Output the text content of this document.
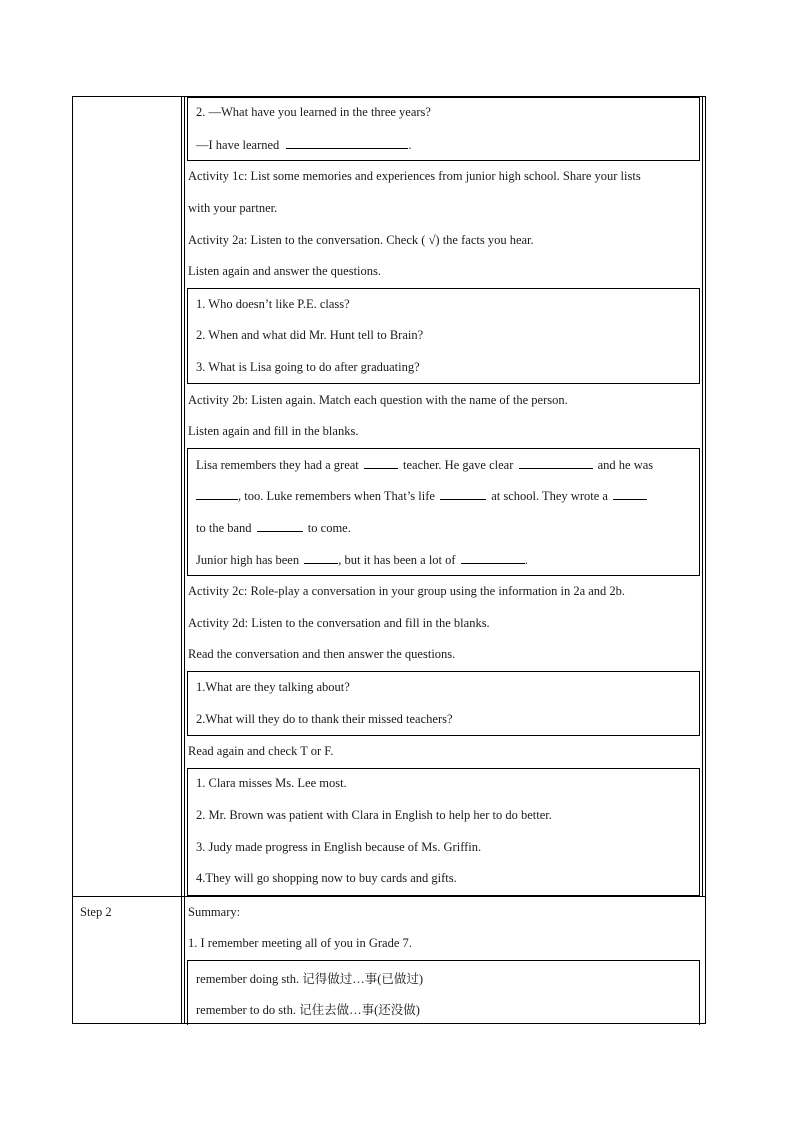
2. —What have you learned in the three years?
—I have learned	.
Activity 1c: List some memories and experiences from junior high school. Share your lists
with your partner.
Activity 2a: Listen to the conversation. Check ( √) the facts you hear.
Listen again and answer the questions.
1. Who doesn’t like P.E. class?
2. When and what did Mr. Hunt tell to Brain?
3. What is Lisa going to do after graduating?
Activity 2b: Listen again. Match each question with the name of the person.
Listen again and fill in the blanks.
Lisa remembers they had a great	teacher. He gave clear	and he was
, too. Luke remembers when That’s life	at school. They wrote a
to the band	to come.
Junior high has been	, but it has been a lot of	.
Activity 2c: Role-play a conversation in your group using the information in 2a and 2b.
Activity 2d: Listen to the conversation and fill in the blanks.
Read the conversation and then answer the questions.
1.What are they talking about?
2.What will they do to thank their missed teachers?
Read again and check T or F.
1. Clara misses Ms. Lee most.
2. Mr. Brown was patient with Clara in English to help her to do better.
3. Judy made progress in English because of Ms. Griffin.
4.They will go shopping now to buy cards and gifts.
Step 2	Summary:
1. I remember meeting all of you in Grade 7.
remember doing sth. 记得做过…事(已做过)
remember to do sth. 记住去做…事(还没做)
